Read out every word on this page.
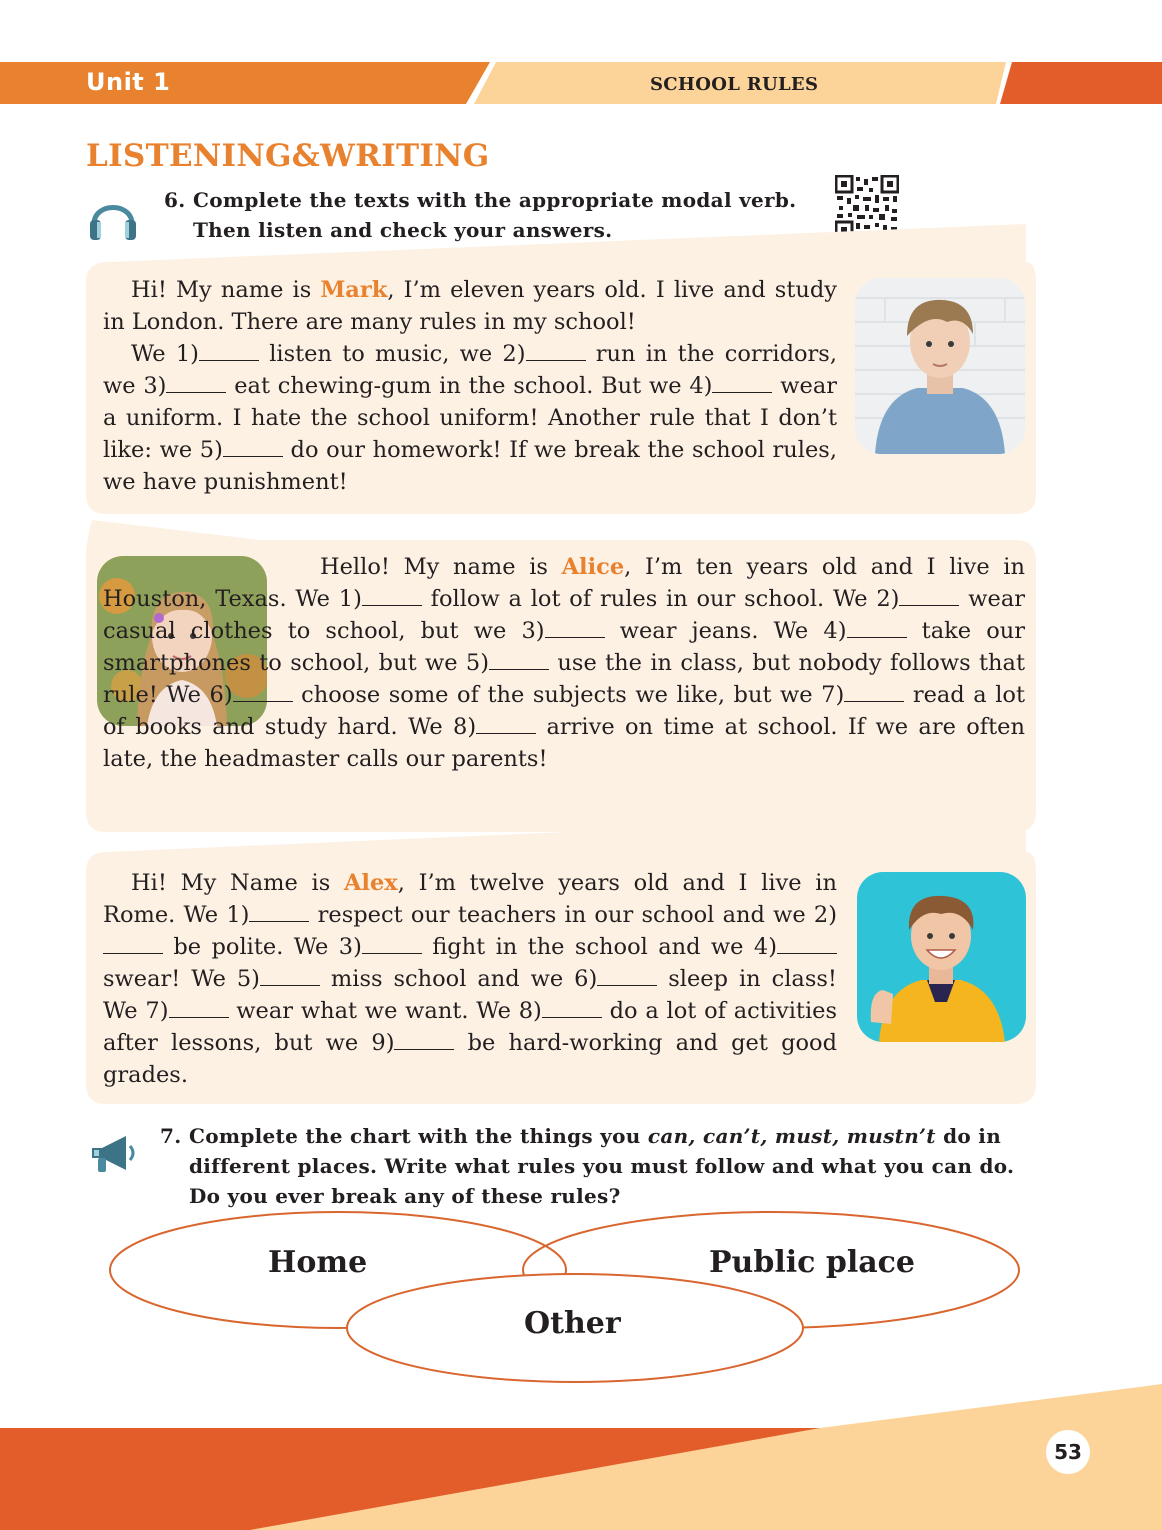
Unit 1	SCHOOL RULES
LISTENING&WRITING
6. Complete the texts with the appropriate modal verb.
Then listen and check your answers.

Hi! My name is Mark, I’m eleven years old. I live and study in London. There are many rules in my school!

We 1)	listen to music, we 2)	run in the corridors, we 3)	eat chewing-gum in the school. But we 4)	wear a uniform. I hate the school uniform! Another rule that I don’t like: we 5)	do our homework! If we break the school rules, we have punishment!

Hello! My name is Alice, I’m ten years old and I live in Houston, Texas. We 1)	follow a lot of rules in our school. We 2)	wear casual clothes to school, but we 3)	wear jeans. We 4)	take our smartphones to school, but we 5)	use the in class, but nobody follows that rule! We 6)	choose some of the subjects we like, but we 7)	read a lot of books and study hard. We 8)	arrive on time at school. If we are often late, the headmaster calls our parents!

Hi! My Name is Alex, I’m twelve years old and I live in Rome. We 1)	respect our teachers in our school and we 2) be polite. We 3)	fight in the school and we 4) swear! We 5)	miss school and we 6)	sleep in class! We 7)	wear what we want. We 8)	do a lot of activities after lessons, but we 9)	be hard-working and get good grades.

7. Complete the chart with the things you can, can’t, must, mustn’t do in
different places. Write what rules you must follow and what you can do.
Do you ever break any of these rules?
Home	Public place
Other
53
